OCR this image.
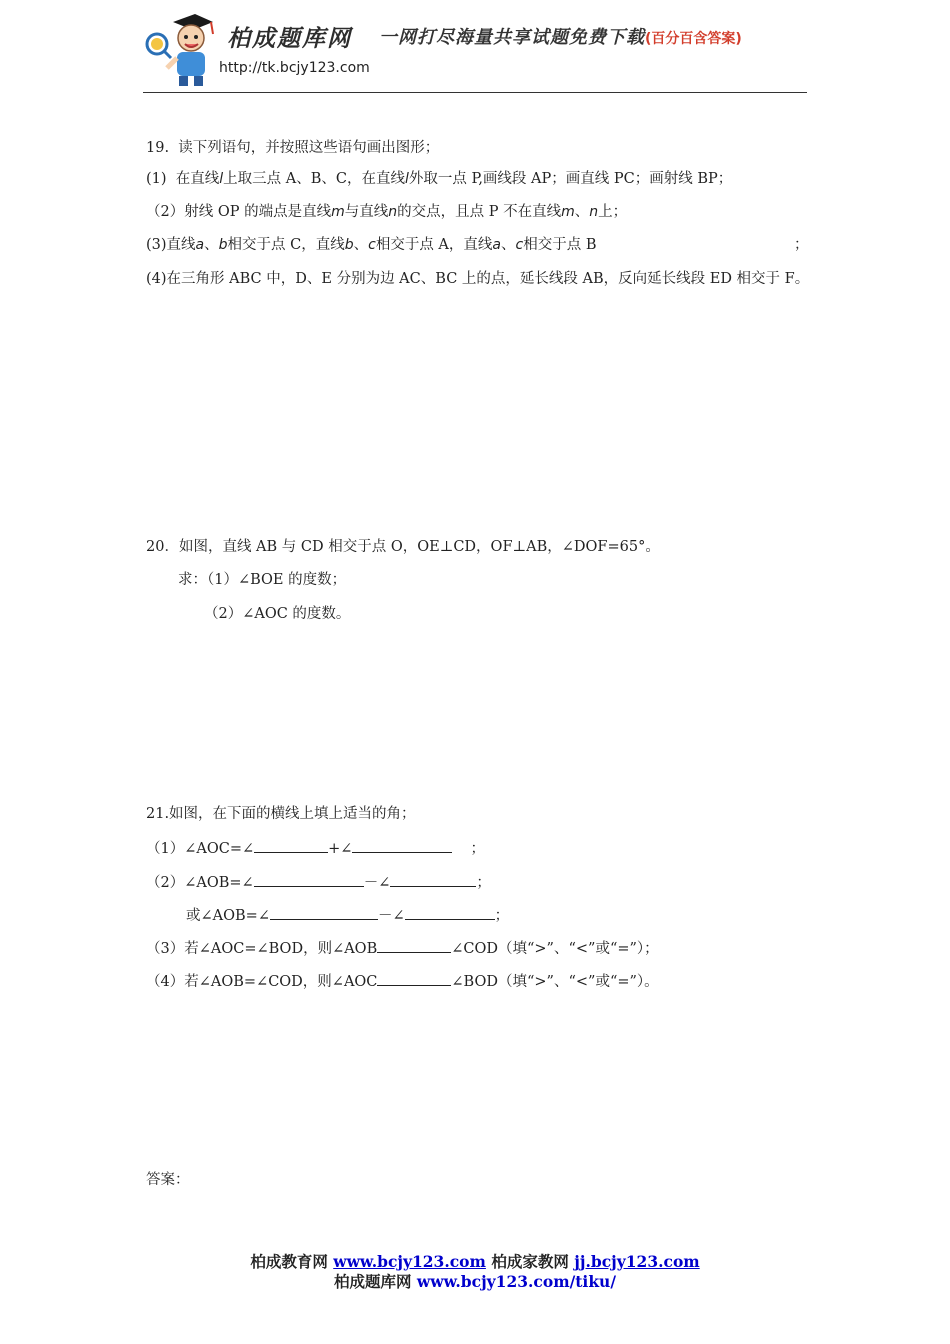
柏成题库网 一网打尽海量共享试题免费下载(百分百含答案)
http://tk.bcjy123.com
19.  读下列语句，并按照这些语句画出图形；
(1)  在直线l上取三点 A、B、C，在直线l外取一点 P,画线段 AP；画直线 PC；画射线 BP；
（2）射线 OP 的端点是直线m与直线n的交点，且点 P 不在直线m、n上；
(3)直线a、b相交于点 C，直线b、c相交于点 A，直线a、c相交于点 B	；
(4)在三角形 ABC 中，D、E 分别为边 AC、BC 上的点，延长线段 AB，反向延长线段 ED 相交于 F。
20．如图，直线 AB 与 CD 相交于点 O，OE⊥CD，OF⊥AB，∠DOF=65°。
求：（1）∠BOE 的度数；
（2）∠AOC 的度数。
21.如图，在下面的横线上填上适当的角；
（1）∠AOC=∠	+∠	；
（2）∠AOB=∠	－∠	；
或∠AOB=∠	－∠	；
（3）若∠AOC=∠BOD，则∠AOB	∠COD（填“>”、“<”或“=”）；
（4）若∠AOB=∠COD，则∠AOC	∠BOD（填“>”、“<”或“=”）。
答案：
柏成教育网 www.bcjy123.com 柏成家教网 jj.bcjy123.com
柏成题库网 www.bcjy123.com/tiku/
